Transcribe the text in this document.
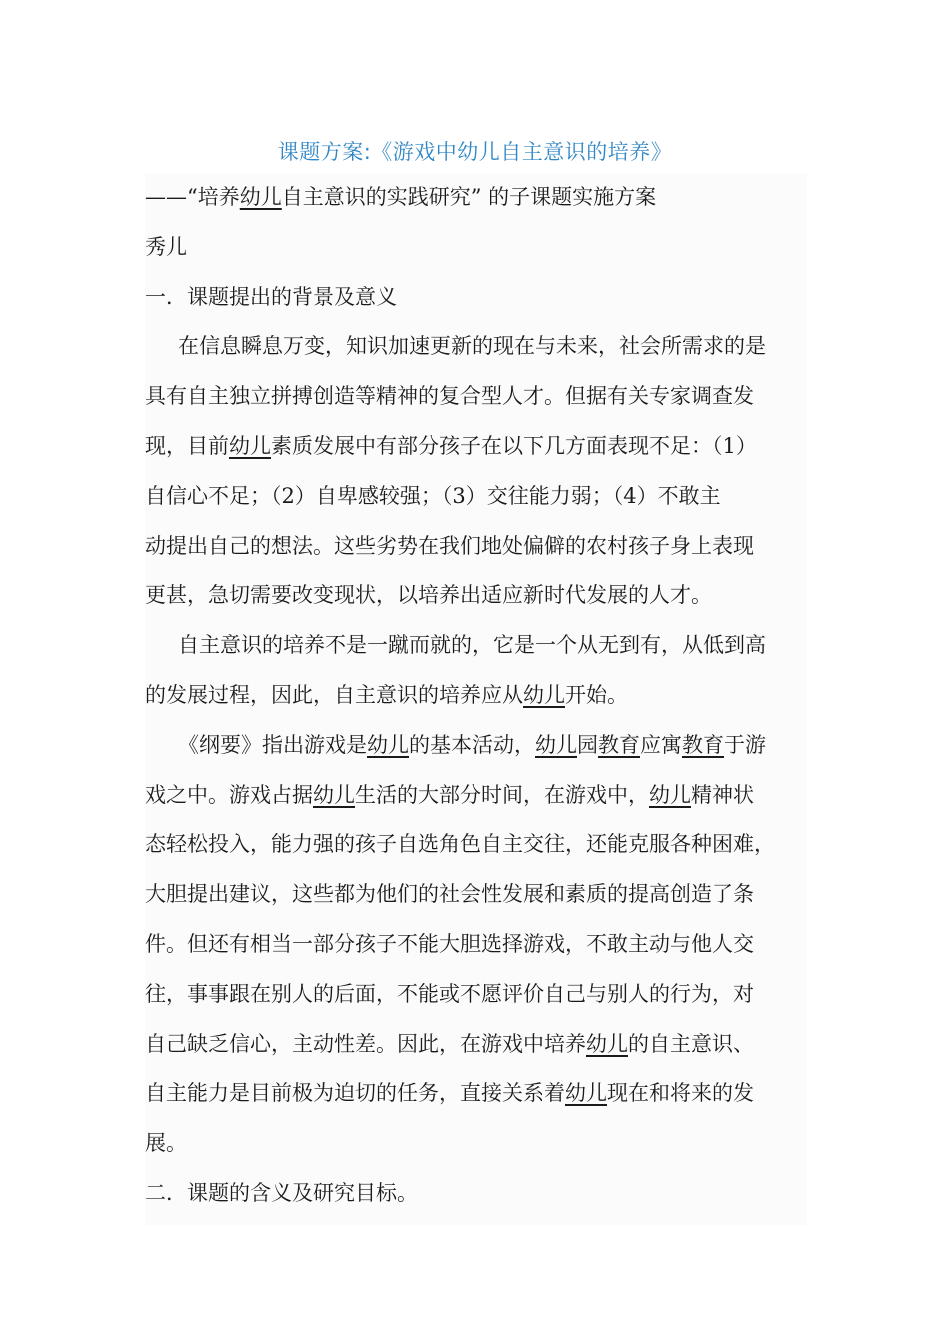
课题方案:《游戏中幼儿自主意识的培养》
——“培养幼儿自主意识的实践研究” 的子课题实施方案
秀儿
一．课题提出的背景及意义
在信息瞬息万变，知识加速更新的现在与未来，社会所需求的是
具有自主独立拼搏创造等精神的复合型人才。但据有关专家调查发
现，目前幼儿素质发展中有部分孩子在以下几方面表现不足：（1）
自信心不足；（2）自卑感较强；（3）交往能力弱；（4）不敢主
动提出自己的想法。这些劣势在我们地处偏僻的农村孩子身上表现
更甚，急切需要改变现状，以培养出适应新时代发展的人才。
自主意识的培养不是一蹴而就的，它是一个从无到有，从低到高
的发展过程，因此，自主意识的培养应从幼儿开始。
《纲要》指出游戏是幼儿的基本活动，幼儿园教育应寓教育于游
戏之中。游戏占据幼儿生活的大部分时间，在游戏中，幼儿精神状
态轻松投入，能力强的孩子自选角色自主交往，还能克服各种困难，
大胆提出建议，这些都为他们的社会性发展和素质的提高创造了条
件。但还有相当一部分孩子不能大胆选择游戏，不敢主动与他人交
往，事事跟在别人的后面，不能或不愿评价自己与别人的行为，对
自己缺乏信心，主动性差。因此，在游戏中培养幼儿的自主意识、
自主能力是目前极为迫切的任务，直接关系着幼儿现在和将来的发
展。
二．课题的含义及研究目标。
